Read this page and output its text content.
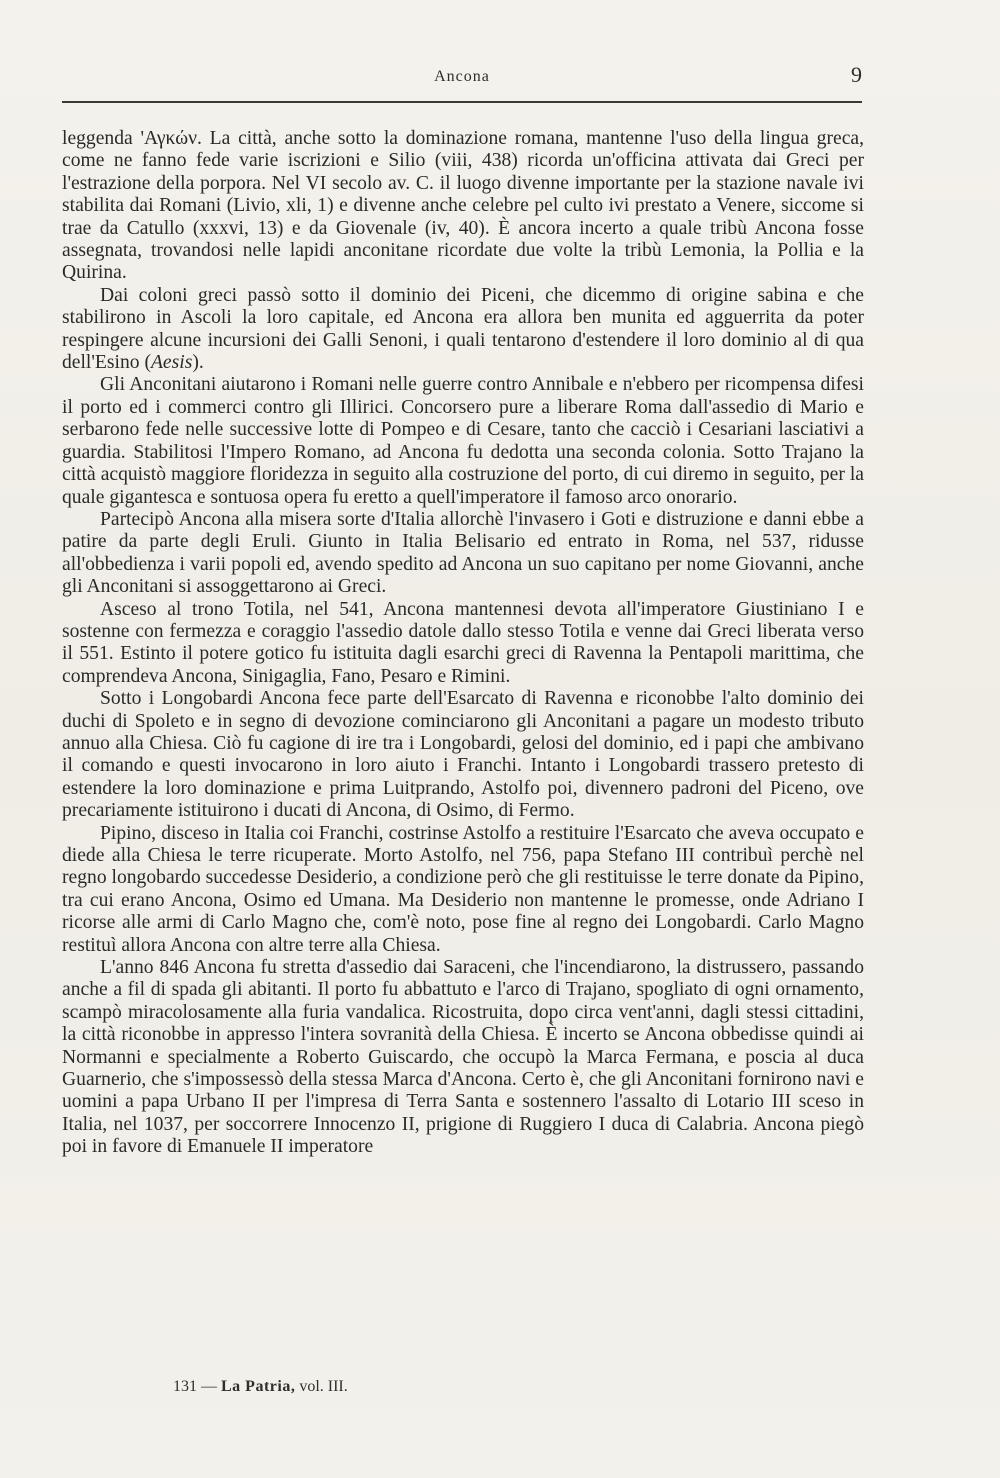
Ancona	9

leggenda 'Αγκών. La città, anche sotto la dominazione romana, mantenne l'uso della lingua greca, come ne fanno fede varie iscrizioni e Silio (viii, 438) ricorda un'officina attivata dai Greci per l'estrazione della porpora. Nel VI secolo av. C. il luogo divenne importante per la stazione navale ivi stabilita dai Romani (Livio, xli, 1) e divenne anche celebre pel culto ivi prestato a Venere, siccome si trae da Catullo (xxxvi, 13) e da Giovenale (iv, 40). È ancora incerto a quale tribù Ancona fosse assegnata, trovandosi nelle lapidi anconitane ricordate due volte la tribù Lemonia, la Pollia e la Quirina.

Dai coloni greci passò sotto il dominio dei Piceni, che dicemmo di origine sabina e che stabilirono in Ascoli la loro capitale, ed Ancona era allora ben munita ed agguerrita da poter respingere alcune incursioni dei Galli Senoni, i quali tentarono d'estendere il loro dominio al di qua dell'Esino (Aesis).

Gli Anconitani aiutarono i Romani nelle guerre contro Annibale e n'ebbero per ricompensa difesi il porto ed i commerci contro gli Illirici. Concorsero pure a liberare Roma dall'assedio di Mario e serbarono fede nelle successive lotte di Pompeo e di Cesare, tanto che cacciò i Cesariani lasciativi a guardia. Stabilitosi l'Impero Romano, ad Ancona fu dedotta una seconda colonia. Sotto Trajano la città acquistò maggiore floridezza in seguito alla costruzione del porto, di cui diremo in seguito, per la quale gigantesca e sontuosa opera fu eretto a quell'imperatore il famoso arco onorario.

Partecipò Ancona alla misera sorte d'Italia allorchè l'invasero i Goti e distruzione e danni ebbe a patire da parte degli Eruli. Giunto in Italia Belisario ed entrato in Roma, nel 537, ridusse all'obbedienza i varii popoli ed, avendo spedito ad Ancona un suo capitano per nome Giovanni, anche gli Anconitani si assoggettarono ai Greci.

Asceso al trono Totila, nel 541, Ancona mantennesi devota all'imperatore Giustiniano I e sostenne con fermezza e coraggio l'assedio datole dallo stesso Totila e venne dai Greci liberata verso il 551. Estinto il potere gotico fu istituita dagli esarchi greci di Ravenna la Pentapoli marittima, che comprendeva Ancona, Sinigaglia, Fano, Pesaro e Rimini.

Sotto i Longobardi Ancona fece parte dell'Esarcato di Ravenna e riconobbe l'alto dominio dei duchi di Spoleto e in segno di devozione cominciarono gli Anconitani a pagare un modesto tributo annuo alla Chiesa. Ciò fu cagione di ire tra i Longobardi, gelosi del dominio, ed i papi che ambivano il comando e questi invocarono in loro aiuto i Franchi. Intanto i Longobardi trassero pretesto di estendere la loro dominazione e prima Luitprando, Astolfo poi, divennero padroni del Piceno, ove precariamente istituirono i ducati di Ancona, di Osimo, di Fermo.

Pipino, disceso in Italia coi Franchi, costrinse Astolfo a restituire l'Esarcato che aveva occupato e diede alla Chiesa le terre ricuperate. Morto Astolfo, nel 756, papa Stefano III contribuì perchè nel regno longobardo succedesse Desiderio, a condizione però che gli restituisse le terre donate da Pipino, tra cui erano Ancona, Osimo ed Umana. Ma Desiderio non mantenne le promesse, onde Adriano I ricorse alle armi di Carlo Magno che, com'è noto, pose fine al regno dei Longobardi. Carlo Magno restituì allora Ancona con altre terre alla Chiesa.

L'anno 846 Ancona fu stretta d'assedio dai Saraceni, che l'incendiarono, la distrussero, passando anche a fil di spada gli abitanti. Il porto fu abbattuto e l'arco di Trajano, spogliato di ogni ornamento, scampò miracolosamente alla furia vandalica. Ricostruita, dopo circa vent'anni, dagli stessi cittadini, la città riconobbe in appresso l'intera sovranità della Chiesa. È incerto se Ancona obbedisse quindi ai Normanni e specialmente a Roberto Guiscardo, che occupò la Marca Fermana, e poscia al duca Guarnerio, che s'impossessò della stessa Marca d'Ancona. Certo è, che gli Anconitani fornirono navi e uomini a papa Urbano II per l'impresa di Terra Santa e sostennero l'assalto di Lotario III sceso in Italia, nel 1037, per soccorrere Innocenzo II, prigione di Ruggiero I duca di Calabria. Ancona piegò poi in favore di Emanuele II imperatore

131 — La Patria, vol. III.
